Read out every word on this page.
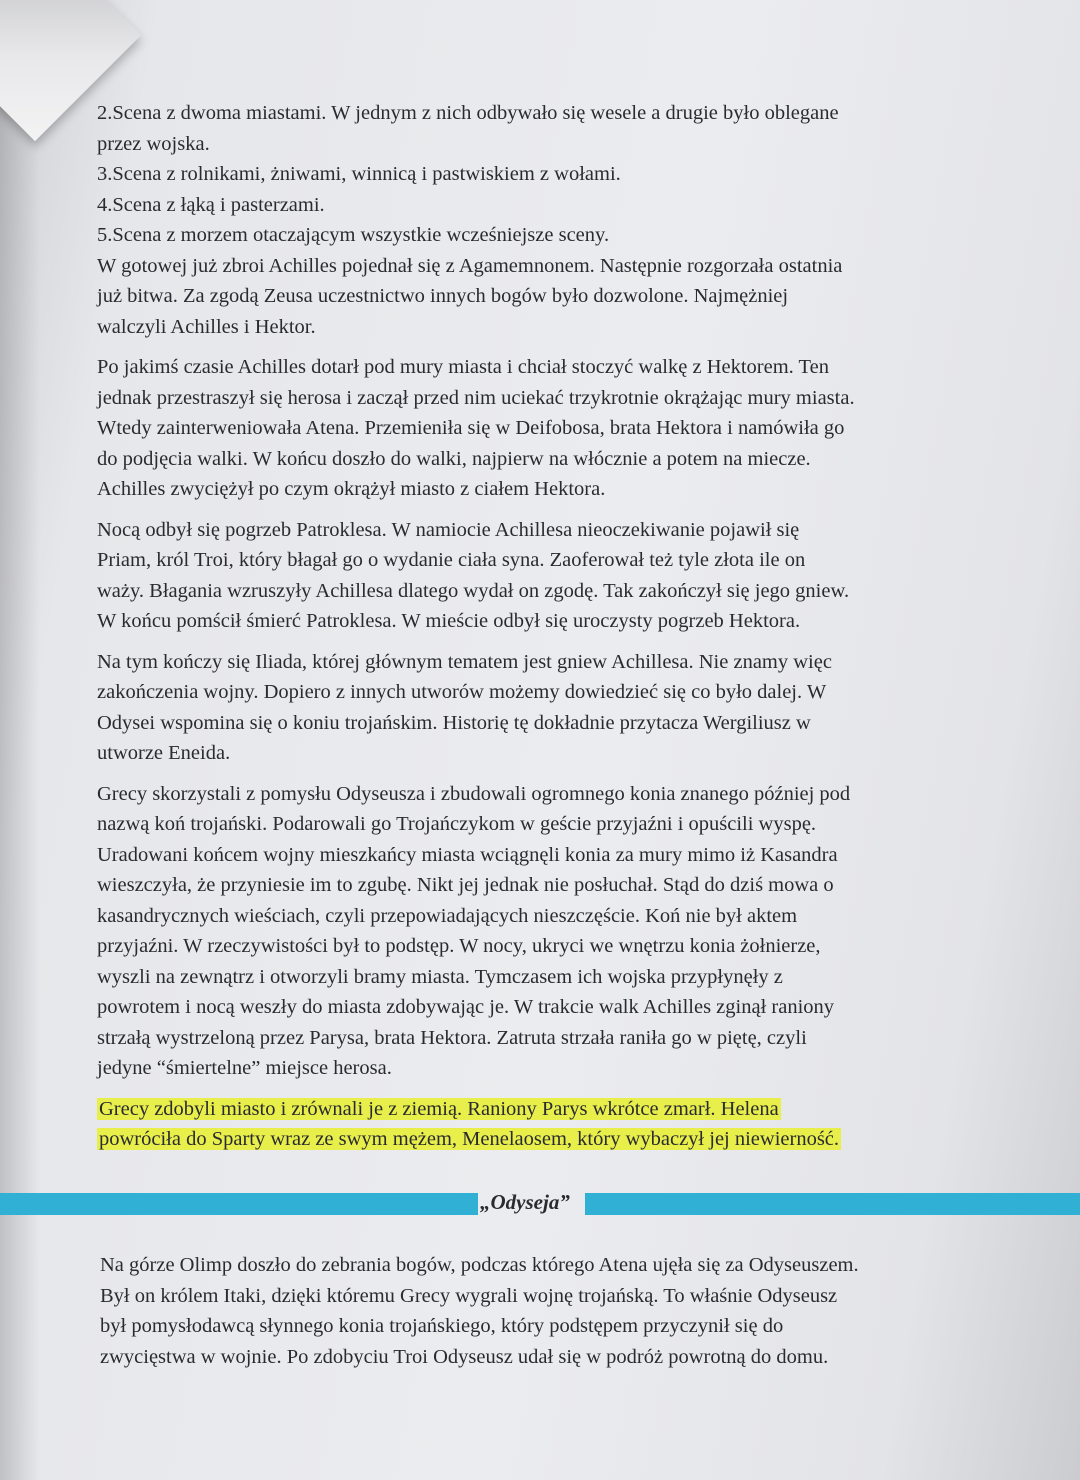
2.Scena z dwoma miastami. W jednym z nich odbywało się wesele a drugie było oblegane

przez wojska.

3.Scena z rolnikami, żniwami, winnicą i pastwiskiem z wołami.

4.Scena z łąką i pasterzami.

5.Scena z morzem otaczającym wszystkie wcześniejsze sceny.

W gotowej już zbroi Achilles pojednał się z Agamemnonem. Następnie rozgorzała ostatnia

już bitwa. Za zgodą Zeusa uczestnictwo innych bogów było dozwolone. Najmężniej

walczyli Achilles i Hektor.

Po jakimś czasie Achilles dotarł pod mury miasta i chciał stoczyć walkę z Hektorem. Ten

jednak przestraszył się herosa i zaczął przed nim uciekać trzykrotnie okrążając mury miasta.

Wtedy zainterweniowała Atena. Przemieniła się w Deifobosa, brata Hektora i namówiła go

do podjęcia walki. W końcu doszło do walki, najpierw na włócznie a potem na miecze.

Achilles zwyciężył po czym okrążył miasto z ciałem Hektora.

Nocą odbył się pogrzeb Patroklesa. W namiocie Achillesa nieoczekiwanie pojawił się

Priam, król Troi, który błagał go o wydanie ciała syna. Zaoferował też tyle złota ile on

waży. Błagania wzruszyły Achillesa dlatego wydał on zgodę. Tak zakończył się jego gniew.

W końcu pomścił śmierć Patroklesa. W mieście odbył się uroczysty pogrzeb Hektora.

Na tym kończy się Iliada, której głównym tematem jest gniew Achillesa. Nie znamy więc

zakończenia wojny. Dopiero z innych utworów możemy dowiedzieć się co było dalej. W

Odysei wspomina się o koniu trojańskim. Historię tę dokładnie przytacza Wergiliusz w

utworze Eneida.

Grecy skorzystali z pomysłu Odyseusza i zbudowali ogromnego konia znanego później pod

nazwą koń trojański. Podarowali go Trojańczykom w geście przyjaźni i opuścili wyspę.

Uradowani końcem wojny mieszkańcy miasta wciągnęli konia za mury mimo iż Kasandra

wieszczyła, że przyniesie im to zgubę. Nikt jej jednak nie posłuchał. Stąd do dziś mowa o

kasandrycznych wieściach, czyli przepowiadających nieszczęście. Koń nie był aktem

przyjaźni. W rzeczywistości był to podstęp. W nocy, ukryci we wnętrzu konia żołnierze,

wyszli na zewnątrz i otworzyli bramy miasta. Tymczasem ich wojska przypłynęły z

powrotem i nocą weszły do miasta zdobywając je. W trakcie walk Achilles zginął raniony

strzałą wystrzeloną przez Parysa, brata Hektora. Zatruta strzała raniła go w piętę, czyli

jedyne “śmiertelne” miejsce herosa.

Grecy zdobyli miasto i zrównali je z ziemią. Raniony Parys wkrótce zmarł. Helena

powróciła do Sparty wraz ze swym mężem, Menelaosem, który wybaczył jej niewierność.

„Odyseja”

Na górze Olimp doszło do zebrania bogów, podczas którego Atena ujęła się za Odyseuszem.

Był on królem Itaki, dzięki któremu Grecy wygrali wojnę trojańską. To właśnie Odyseusz

był pomysłodawcą słynnego konia trojańskiego, który podstępem przyczynił się do

zwycięstwa w wojnie. Po zdobyciu Troi Odyseusz udał się w podróż powrotną do domu.
